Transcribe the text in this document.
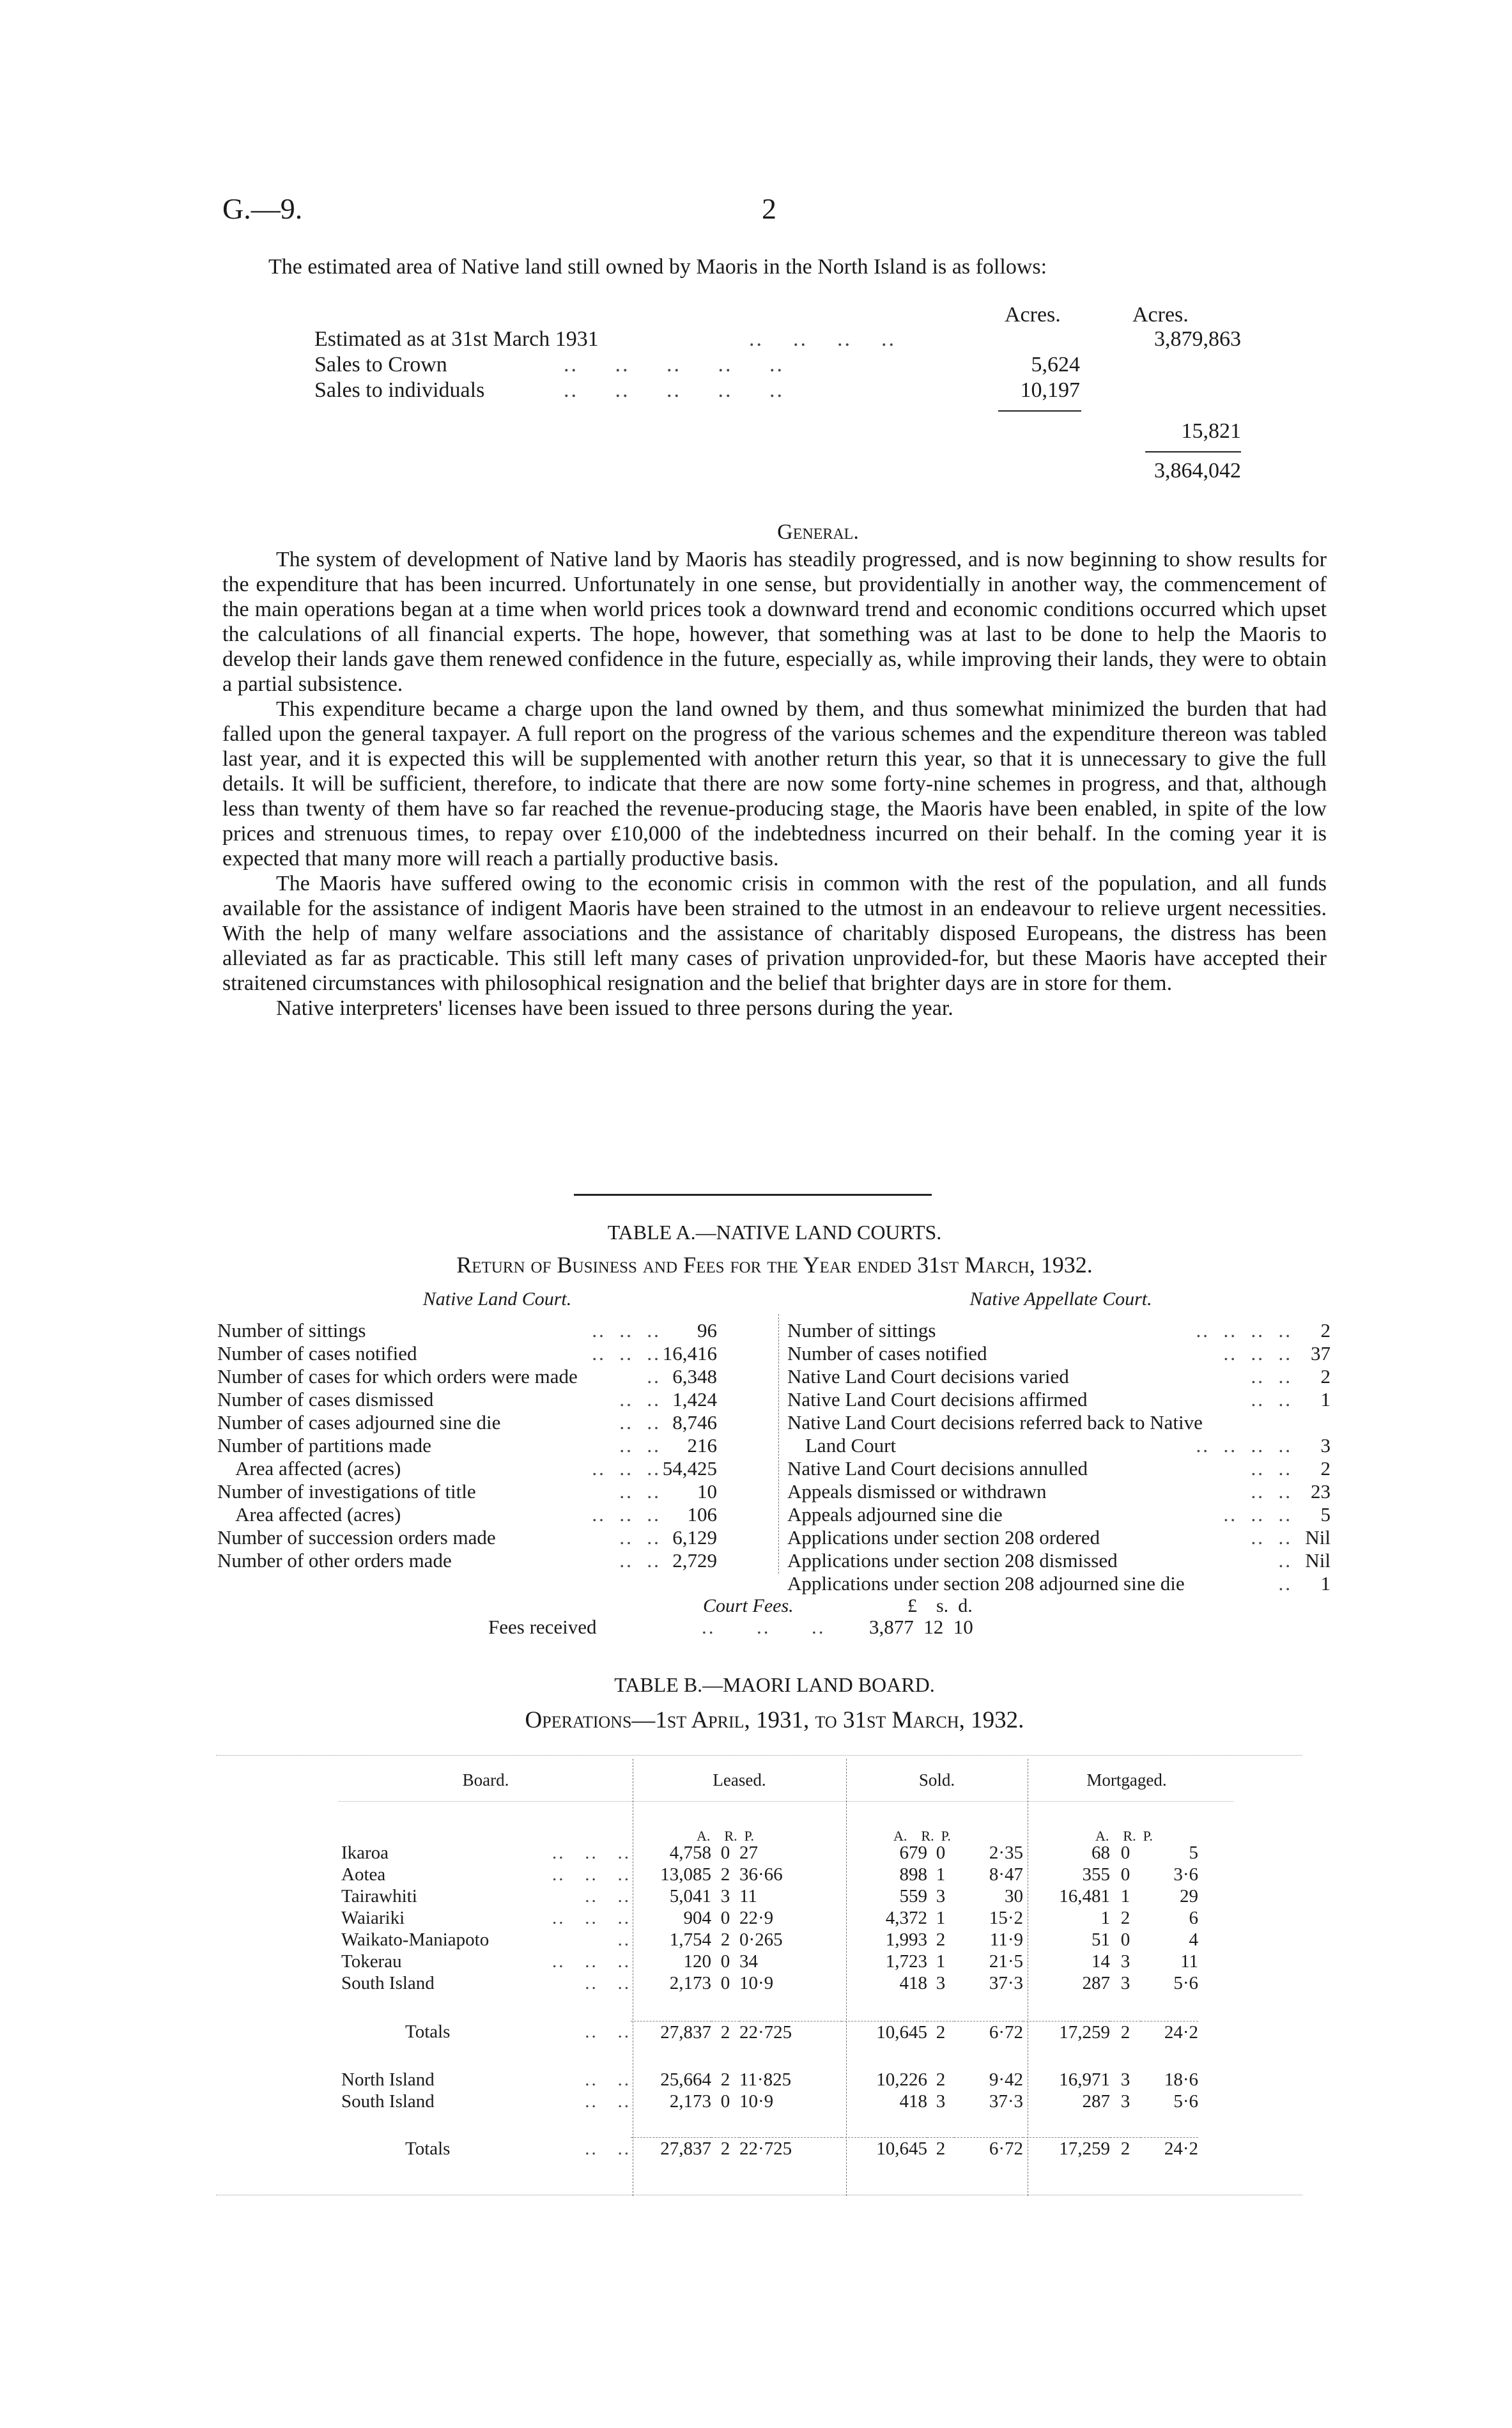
G.—9.	2
The estimated area of Native land still owned by Maoris in the North Island is as follows:
Acres.	Acres.
Estimated as at 31st March 1931	..    ..    ..    ..	3,879,863
Sales to Crown	..     ..     ..     ..     ..	5,624
Sales to individuals	..     ..     ..     ..     ..	10,197
15,821
3,864,042
General.
The system of development of Native land by Maoris has steadily progressed, and is now beginning to show results for the expenditure that has been incurred. Unfortunately in one sense, but providentially in another way, the commencement of the main operations began at a time when world prices took a downward trend and economic conditions occurred which upset the calculations of all financial experts. The hope, however, that something was at last to be done to help the Maoris to develop their lands gave them renewed confidence in the future, especially as, while improving their lands, they were to obtain a partial subsistence.
This expenditure became a charge upon the land owned by them, and thus somewhat minimized the burden that had falled upon the general taxpayer. A full report on the progress of the various schemes and the expenditure thereon was tabled last year, and it is expected this will be supplemented with another return this year, so that it is unnecessary to give the full details. It will be sufficient, therefore, to indicate that there are now some forty-nine schemes in progress, and that, although less than twenty of them have so far reached the revenue-producing stage, the Maoris have been enabled, in spite of the low prices and strenuous times, to repay over £10,000 of the indebtedness incurred on their behalf. In the coming year it is expected that many more will reach a partially productive basis.
The Maoris have suffered owing to the economic crisis in common with the rest of the population, and all funds available for the assistance of indigent Maoris have been strained to the utmost in an endeavour to relieve urgent necessities. With the help of many welfare associations and the assistance of charitably disposed Europeans, the distress has been alleviated as far as practicable. This still left many cases of privation unprovided-for, but these Maoris have accepted their straitened circumstances with philosophical resignation and the belief that brighter days are in store for them.
Native interpreters' licenses have been issued to three persons during the year.
TABLE A.—NATIVE LAND COURTS.
Return of Business and Fees for the Year ended 31st March, 1932.
Native Land Court.	Native Appellate Court.
Number of sittings	..  ..  ..	96
Number of cases notified	..  ..  ..	16,416
Number of cases for which orders were made	..	6,348
Number of cases dismissed	..  ..	1,424
Number of cases adjourned sine die	..  ..	8,746
Number of partitions made	..  ..	216
Area affected (acres)	..  ..  ..	54,425
Number of investigations of title	..  ..	10
Area affected (acres)	..  ..  ..	106
Number of succession orders made	..  ..	6,129
Number of other orders made	..  ..	2,729
Number of sittings	..  ..  ..  ..	2
Number of cases notified	..  ..  ..	37
Native Land Court decisions varied	..  ..	2
Native Land Court decisions affirmed	..  ..	1
Native Land Court decisions referred back to Native		
Land Court	..  ..  ..  ..	3
Native Land Court decisions annulled	..  ..	2
Appeals dismissed or withdrawn	..  ..	23
Appeals adjourned sine die	..  ..  ..	5
Applications under section 208 ordered	..  ..	Nil
Applications under section 208 dismissed	..	Nil
Applications under section 208 adjourned sine die	..	1
Court Fees.	£ s. d.
Fees received	..      ..      .. 3,877 12 10
TABLE B.—MAORI LAND BOARD.
Operations—1st April, 1931, to 31st March, 1932.
Board.	Leased.	Sold.	Mortgaged.
A. R. P.	A. R. P.	A. R. P.
Ikaroa	..   ..   ..	4,758	0	27	679	0	2·35	68	0	5
Aotea	..   ..   ..	13,085	2	36·66	898	1	8·47	355	0	3·6
Tairawhiti	..   ..	5,041	3	11	559	3	30	16,481	1	29
Waiariki	..   ..   ..	904	0	22·9	4,372	1	15·2	1	2	6
Waikato-Maniapoto	..	1,754	2	0·265	1,993	2	11·9	51	0	4
Tokerau	..   ..   ..	120	0	34	1,723	1	21·5	14	3	11
South Island	..   ..	2,173	0	10·9	418	3	37·3	287	3	5·6

Totals	..   ..	27,837	2	22·725	10,645	2	6·72	17,259	2	24·2

North Island	..   ..	25,664	2	11·825	10,226	2	9·42	16,971	3	18·6
South Island	..   ..	2,173	0	10·9	418	3	37·3	287	3	5·6

Totals	..   ..	27,837	2	22·725	10,645	2	6·72	17,259	2	24·2
